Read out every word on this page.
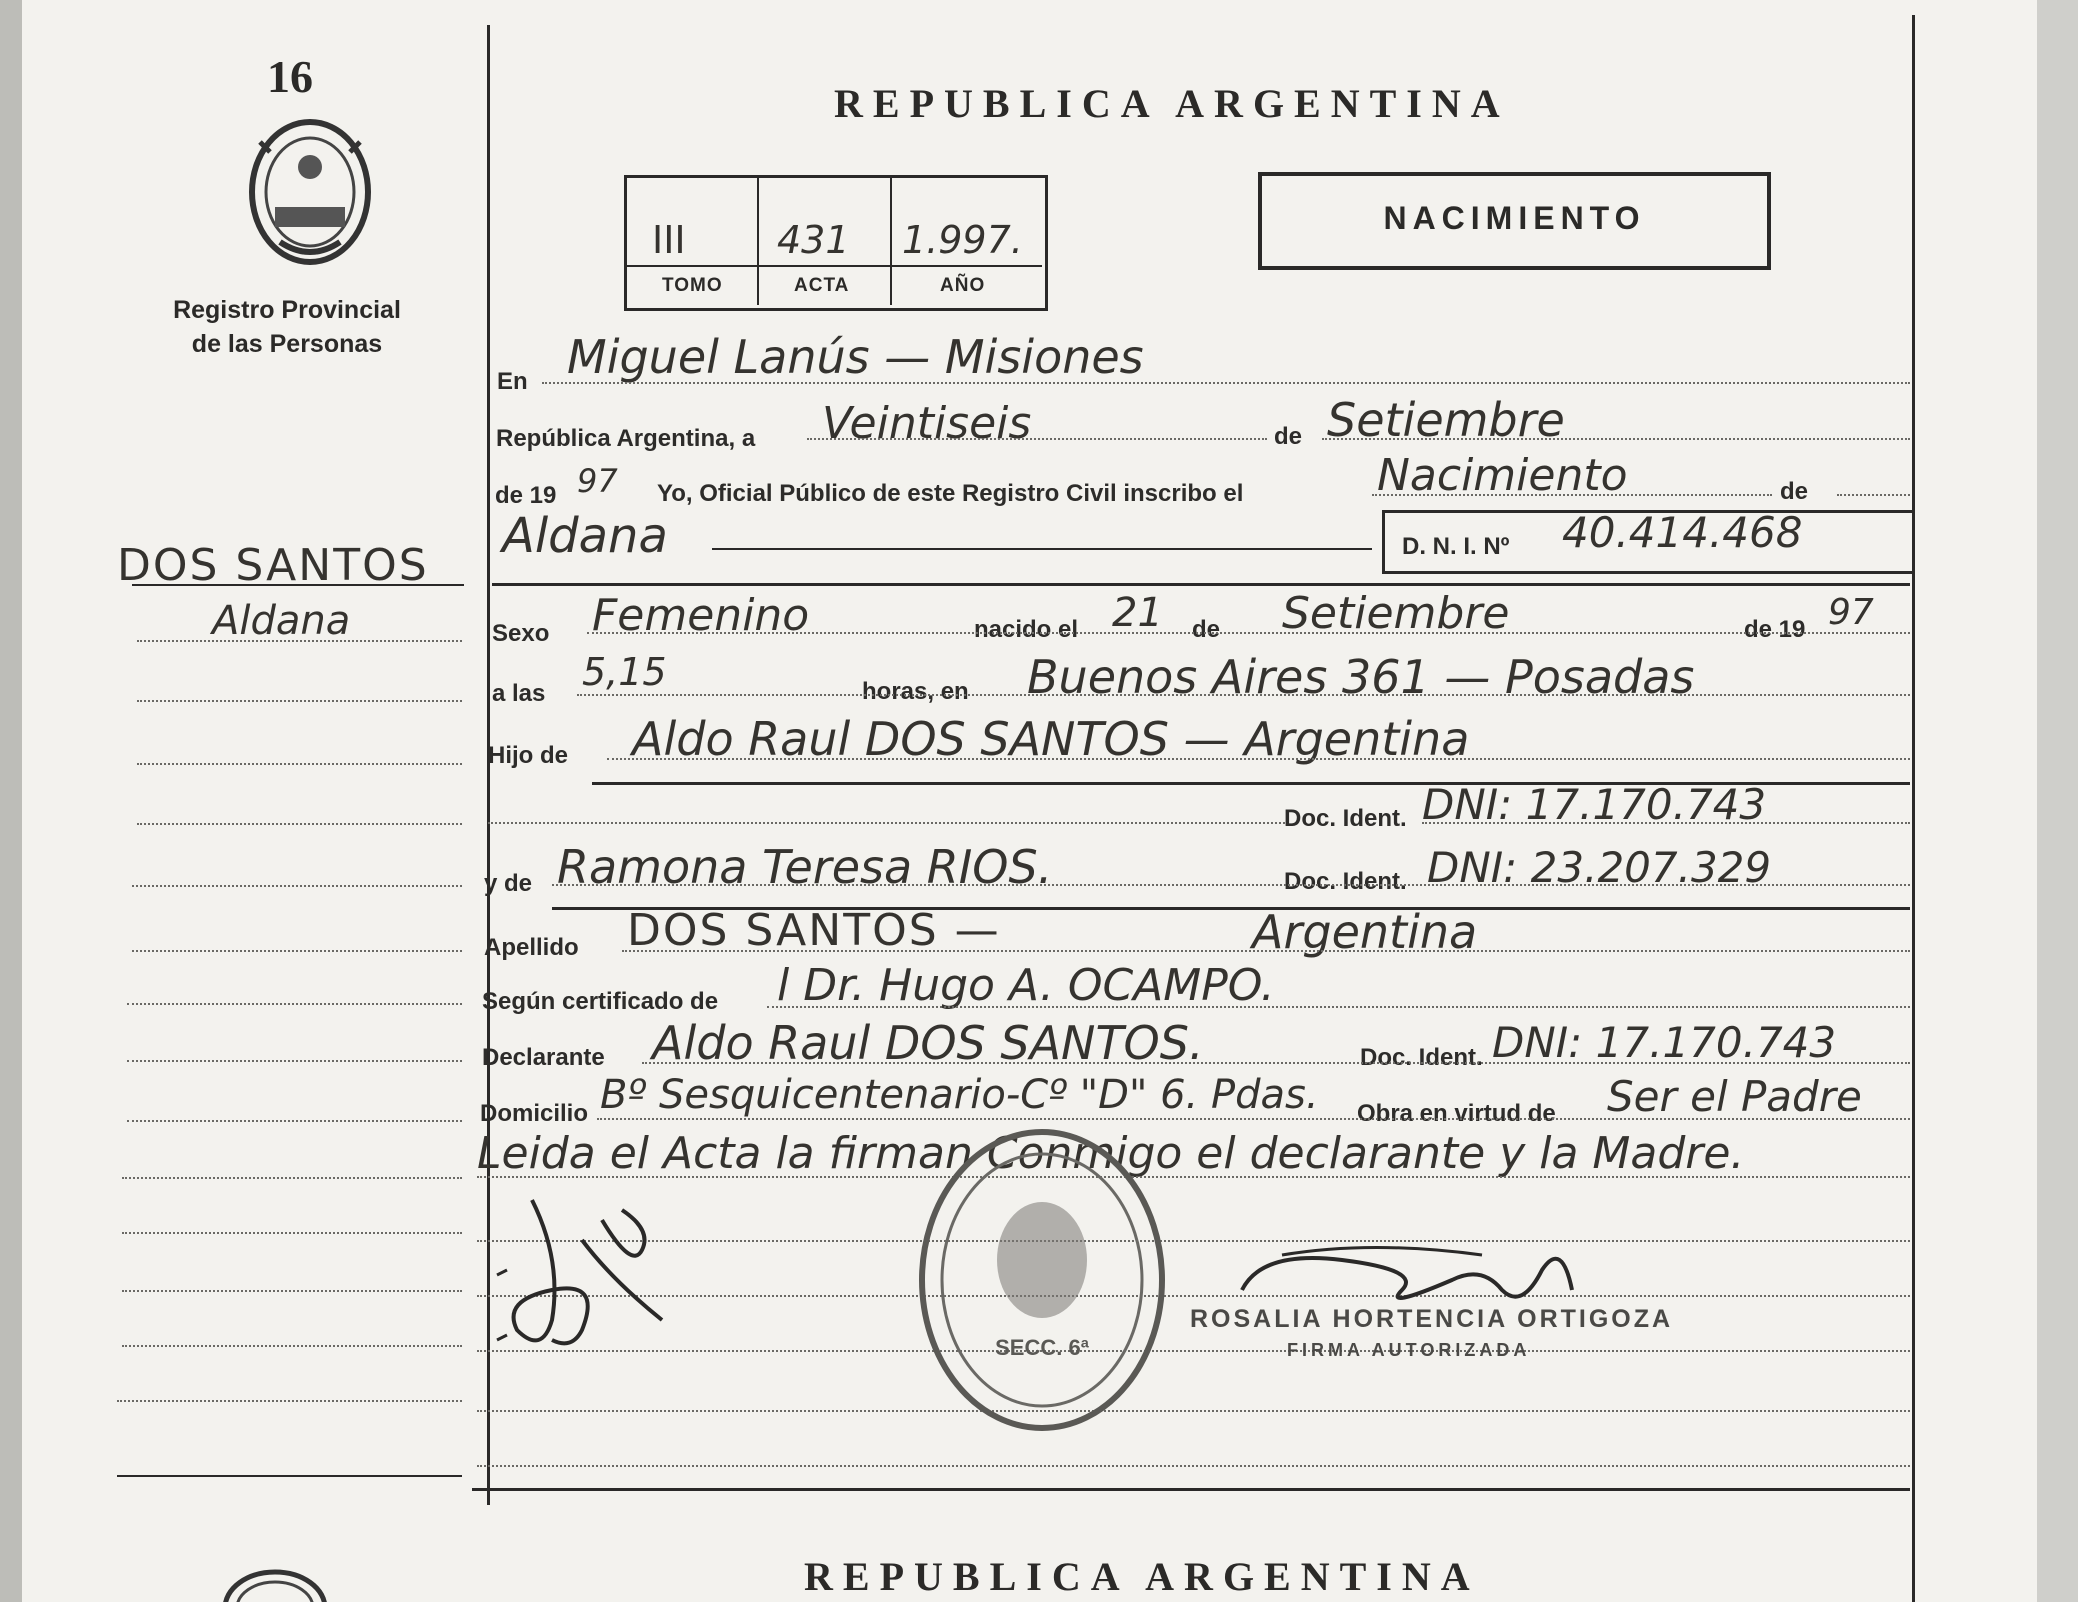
16
Registro Provincial
de las Personas
DOS SANTOS
Aldana
REPUBLICA ARGENTINA
III 431 1.997.
TOMO	ACTA	AÑO
NACIMIENTO
En Miguel Lanús — Misiones
República Argentina, a Veintiseis	de Setiembre
de 19 97 Yo, Oficial Público de este Registro Civil inscribo el	Nacimiento	de
Aldana	D. N. I. Nº 40.414.468
Sexo Femenino	nacido el 21 de Setiembre	de 19 97
a las 5,15	horas, en Buenos Aires 361 — Posadas
Hijo de Aldo Raul DOS SANTOS — Argentina
Doc. Ident. DNI: 17.170.743
y de Ramona Teresa RIOS.	Doc. Ident. DNI: 23.207.329
Apellido DOS SANTOS —	Argentina
Según certificado de l Dr. Hugo A. OCAMPO.
Declarante Aldo Raul DOS SANTOS.	Doc. Ident. DNI: 17.170.743
Domicilio Bº Sesquicentenario-Cº "D" 6. Pdas. Obra en virtud de Ser el Padre
Leida el Acta la firman Conmigo el declarante y la Madre.
ROSALIA HORTENCIA ORTIGOZA
FIRMA AUTORIZADA
SECC. 6ª
REPUBLICA ARGENTINA
